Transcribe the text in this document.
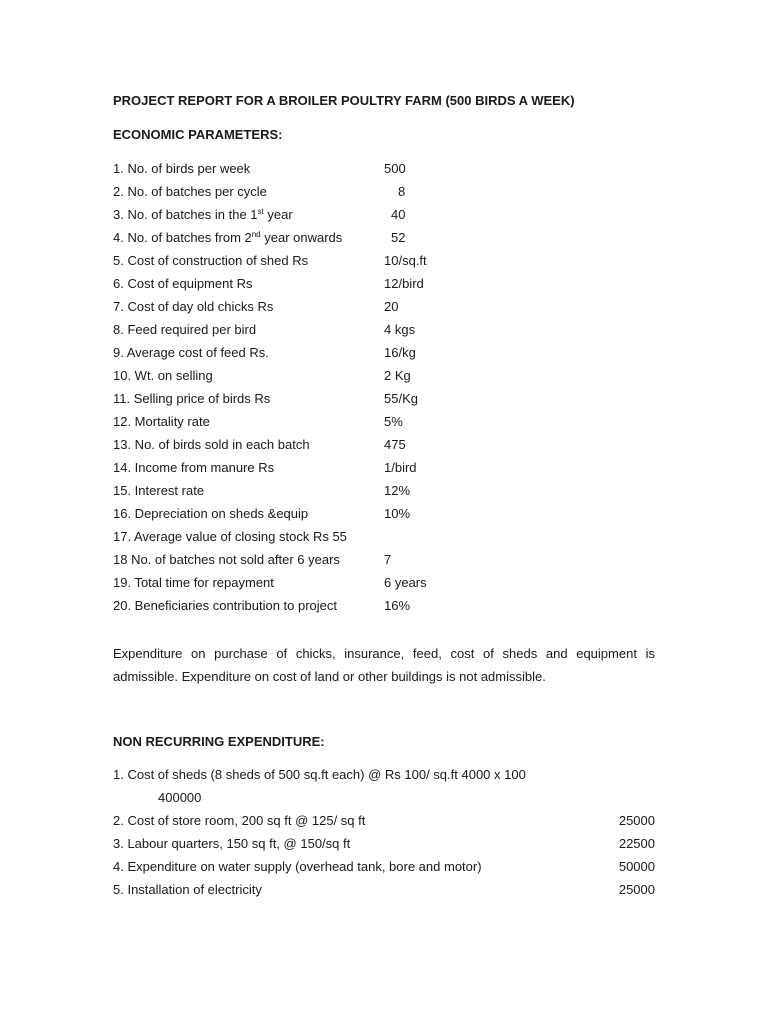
PROJECT REPORT FOR A BROILER POULTRY FARM (500 BIRDS A WEEK)

ECONOMIC PARAMETERS:

1. No. of birds per week	500
2. No. of batches per cycle	8
3. No. of batches in the 1st year	40
4. No. of batches from 2nd year onwards	52
5. Cost of construction of shed Rs	10/sq.ft
6. Cost of equipment Rs	12/bird
7. Cost of day old chicks Rs	20
8. Feed required per bird	4 kgs
9. Average cost of feed Rs.	16/kg
10. Wt. on selling	2 Kg
11. Selling price of birds Rs	55/Kg
12. Mortality rate	5%
13. No. of birds sold in each batch	475
14. Income from manure Rs	1/bird
15. Interest rate	12%
16. Depreciation on sheds &equip	10%
17. Average value of closing stock Rs 55
18 No. of batches not sold after 6 years	7
19. Total time for repayment	6 years
20. Beneficiaries contribution to project	16%

Expenditure on purchase of chicks, insurance, feed, cost of sheds and equipment is admissible. Expenditure on cost of land or other buildings is not admissible.

NON RECURRING EXPENDITURE:

1. Cost of sheds (8 sheds of 500 sq.ft each) @ Rs 100/ sq.ft 4000 x 100
400000
2. Cost of store room, 200 sq ft @ 125/ sq ft	25000
3. Labour quarters, 150 sq ft, @ 150/sq ft	22500
4. Expenditure on water supply (overhead tank, bore and motor)	50000
5. Installation of electricity	25000
